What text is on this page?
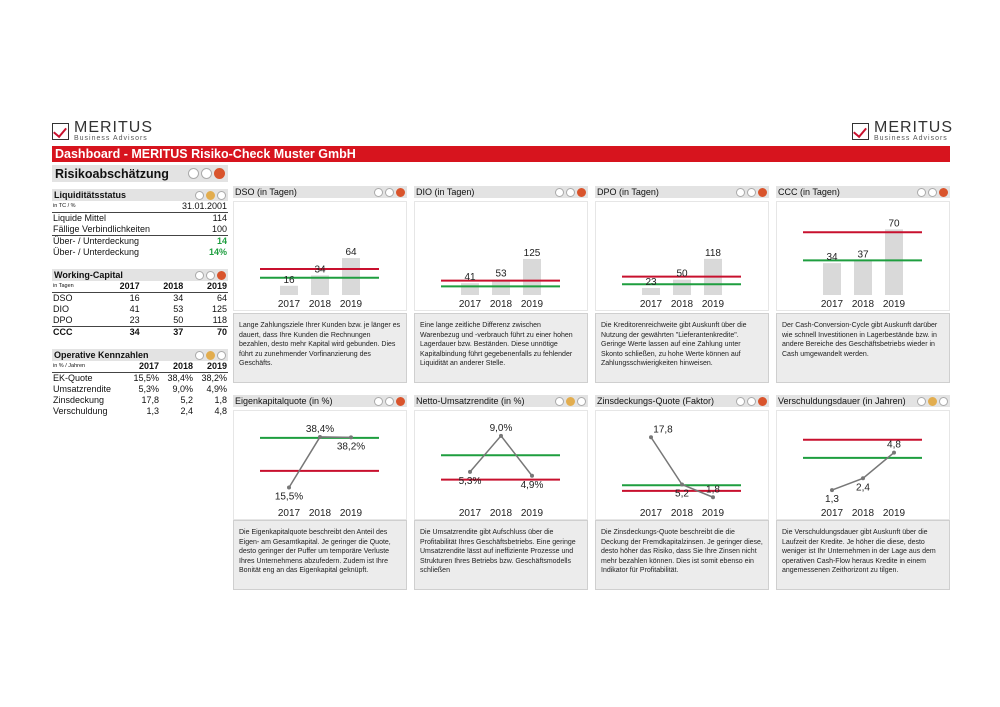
MERITUS
Business Advisors
MERITUS
Business Advisors
Dashboard - MERITUS Risiko-Check Muster GmbH
Risikoabschätzung
Liquiditätsstatus
in TC / %	31.01.2001
Liquide Mittel	114
Fällige Verbindlichkeiten	100
Über- / Unterdeckung	14
Über- / Unterdeckung	14%
Working-Capital
in Tagen	2017	2018	2019
DSO	16	34	64
DIO	41	53	125
DPO	23	50	118
CCC	34	37	70
Operative Kennzahlen
in % / Jahren	2017	2018	2019
EK-Quote	15,5%	38,4%	38,2%
Umsatzrendite	5,3%	9,0%	4,9%
Zinsdeckung	17,8	5,2	1,8
Verschuldung	1,3	2,4	4,8
DSO (in Tagen)
16
34
64
2017 2018 2019
Lange Zahlungsziele Ihrer Kunden bzw. je länger es dauert, dass Ihre Kunden die Rechnungen bezahlen, desto mehr Kapital wird gebunden. Dies führt zu zunehmender Vorfinanzierung des Geschäfts.
DIO (in Tagen)
41 53
125
2017 2018 2019
Eine lange zeitliche Differenz zwischen Warenbezug und -verbrauch führt zu einer hohen Lagerdauer bzw. Beständen. Diese unnötige Kapitalbindung führt gegebenenfalls zu fehlender Liquidität an anderer Stelle.
DPO (in Tagen)
23
50
118
2017 2018 2019
Die Kreditorenreichweite gibt Auskunft über die Nutzung der gewährten "Lieferantenkredite". Geringe Werte lassen auf eine Zahlung unter Skonto schließen, zu hohe Werte können auf Zahlungsschwierigkeiten hinweisen.
CCC (in Tagen)
34 37
70
2017 2018 2019
Der Cash-Conversion-Cycle gibt Auskunft darüber wie schnell Investitionen in Lagerbestände bzw. in andere Bereiche des Geschäftsbetriebs wieder in Cash umgewandelt werden.
Eigenkapitalquote (in %)
15,5%
38,4%
38,2%
2017 2018 2019
Die Eigenkapitalquote beschreibt den Anteil des Eigen- am Gesamtkapital. Je geringer die Quote, desto geringer der Puffer um temporäre Verluste Ihres Unternehmens abzufedern. Zudem ist Ihre Bonität eng an das Eigenkapital geknüpft.
Netto-Umsatzrendite (in %)
5,3%
9,0%
4,9%
2017 2018 2019
Die Umsatzrendite gibt Aufschluss über die Profitabilität Ihres Geschäftsbetriebs. Eine geringe Umsatzrendite lässt auf ineffiziente Prozesse und Strukturen Ihres Betriebs bzw. Geschäftsmodells schließen
Zinsdeckungs-Quote (Faktor)
17,8
5,2 1,8
2017 2018 2019
Die Zinsdeckungs-Quote beschreibt die die Deckung der Fremdkapitalzinsen. Je geringer diese, desto höher das Risiko, dass Sie Ihre Zinsen nicht mehr bezahlen können. Dies ist somit ebenso ein Indikator für Profitabilität.
Verschuldungsdauer (in Jahren)
1,3
2,4
4,8
2017 2018 2019
Die Verschuldungsdauer gibt Auskunft über die Laufzeit der Kredite. Je höher die diese, desto weniger ist Ihr Unternehmen in der Lage aus dem operativen Cash-Flow heraus Kredite in einem angemessenen Zeithorizont zu tilgen.
